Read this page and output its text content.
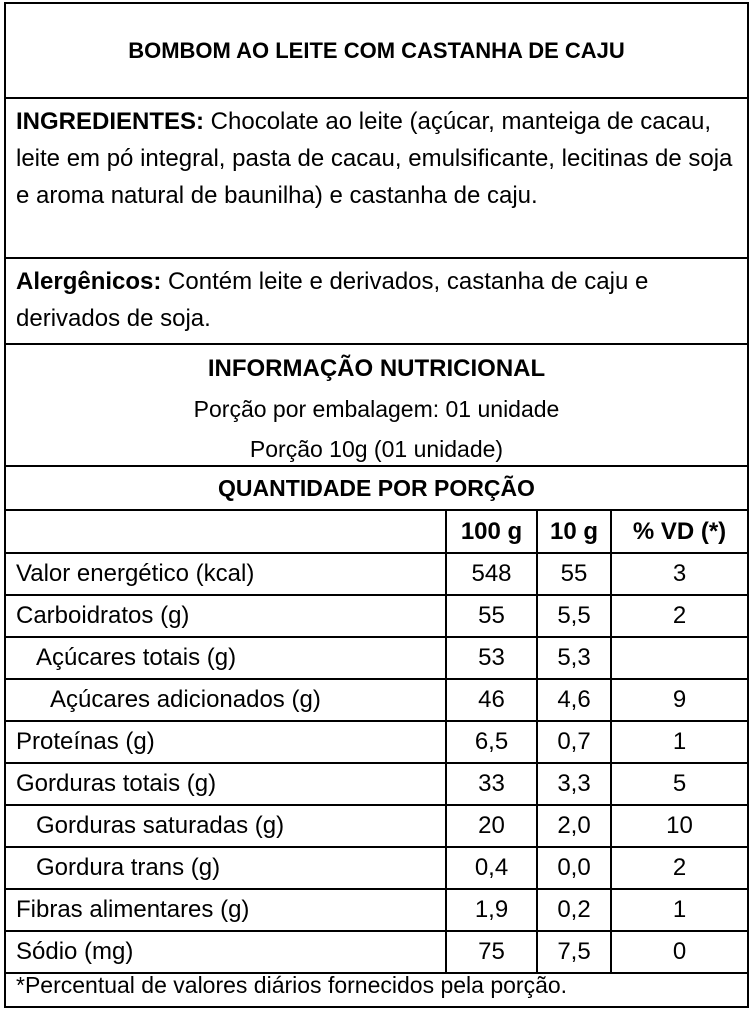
BOMBOM AO LEITE COM CASTANHA DE CAJU
INGREDIENTES: Chocolate ao leite (açúcar, manteiga de cacau, leite em pó integral, pasta de cacau, emulsificante, lecitinas de soja e aroma natural de baunilha) e castanha de caju.
Alergênicos: Contém leite e derivados, castanha de caju e derivados de soja.
INFORMAÇÃO NUTRICIONAL
Porção por embalagem: 01 unidade
Porção 10g (01 unidade)
QUANTIDADE POR PORÇÃO
	100 g	10 g	% VD (*)
Valor energético (kcal)	548	55	3
Carboidratos (g)	55	5,5	2
Açúcares totais (g)	53	5,3	
Açúcares adicionados (g)	46	4,6	9
Proteínas (g)	6,5	0,7	1
Gorduras totais (g)	33	3,3	5
Gorduras saturadas (g)	20	2,0	10
Gordura trans (g)	0,4	0,0	2
Fibras alimentares (g)	1,9	0,2	1
Sódio (mg)	75	7,5	0
*Percentual de valores diários fornecidos pela porção.
